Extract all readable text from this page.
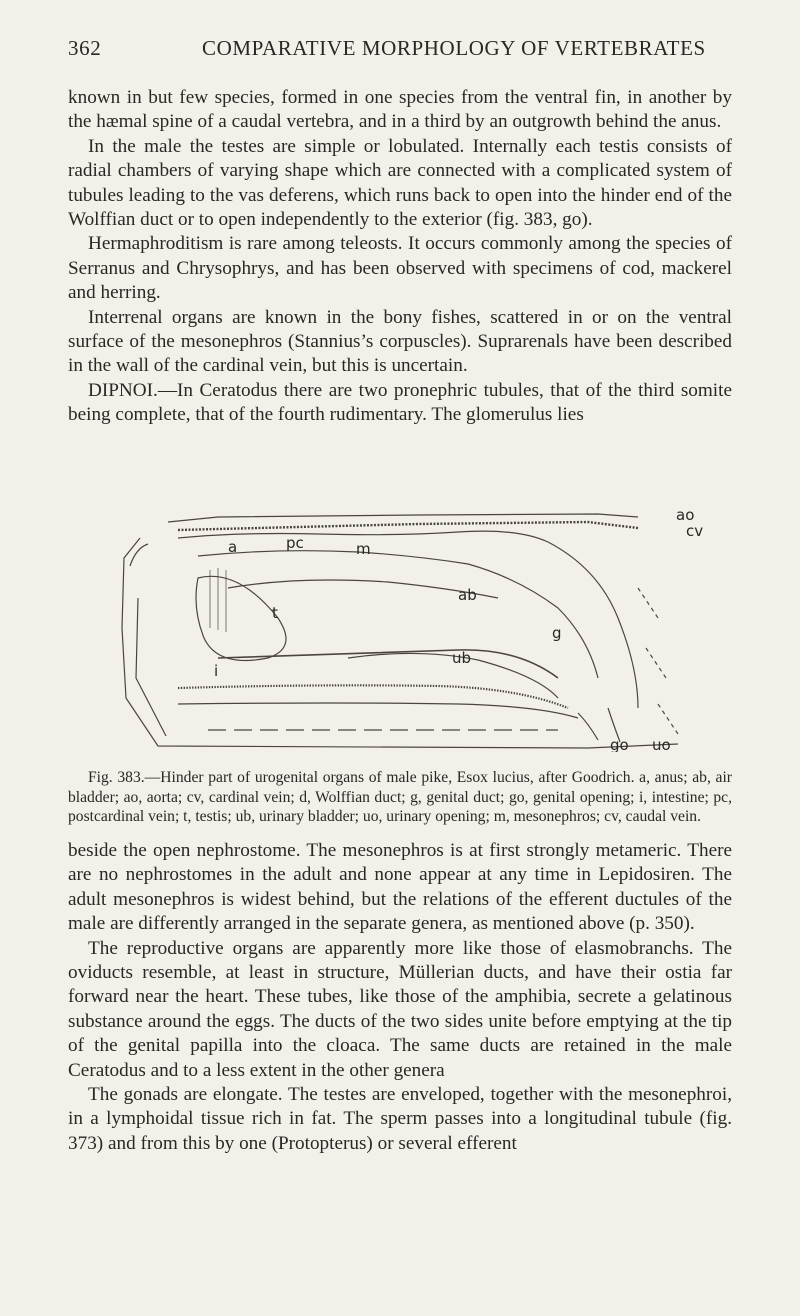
362	COMPARATIVE MORPHOLOGY OF VERTEBRATES

known in but few species, formed in one species from the ventral fin, in another by the hæmal spine of a caudal vertebra, and in a third by an outgrowth behind the anus.

In the male the testes are simple or lobulated. Internally each testis consists of radial chambers of varying shape which are connected with a complicated system of tubules leading to the vas deferens, which runs back to open into the hinder end of the Wolffian duct or to open independently to the exterior (fig. 383, go).

Hermaphroditism is rare among teleosts. It occurs commonly among the species of Serranus and Chrysophrys, and has been observed with specimens of cod, mackerel and herring.

Interrenal organs are known in the bony fishes, scattered in or on the ventral surface of the mesonephros (Stannius’s corpuscles). Suprarenals have been described in the wall of the cardinal vein, but this is uncertain.

DIPNOI.—In Ceratodus there are two pronephric tubules, that of the third somite being complete, that of the fourth rudimentary. The glomerulus lies

ao
cv
pc
a	m
ab
t
g
ub
i
go uo
Fig. 383.—Hinder part of urogenital organs of male pike, Esox lucius, after Goodrich. a, anus; ab, air bladder; ao, aorta; cv, cardinal vein; d, Wolffian duct; g, genital duct; go, genital opening; i, intestine; pc, postcardinal vein; t, testis; ub, urinary bladder; uo, urinary opening; m, mesonephros; cv, caudal vein.

beside the open nephrostome. The mesonephros is at first strongly metameric. There are no nephrostomes in the adult and none appear at any time in Lepidosiren. The adult mesonephros is widest behind, but the relations of the efferent ductules of the male are differently arranged in the separate genera, as mentioned above (p. 350).

The reproductive organs are apparently more like those of elasmobranchs. The oviducts resemble, at least in structure, Müllerian ducts, and have their ostia far forward near the heart. These tubes, like those of the amphibia, secrete a gelatinous substance around the eggs. The ducts of the two sides unite before emptying at the tip of the genital papilla into the cloaca. The same ducts are retained in the male Ceratodus and to a less extent in the other genera

The gonads are elongate. The testes are enveloped, together with the mesonephroi, in a lymphoidal tissue rich in fat. The sperm passes into a longitudinal tubule (fig. 373) and from this by one (Protopterus) or several efferent
